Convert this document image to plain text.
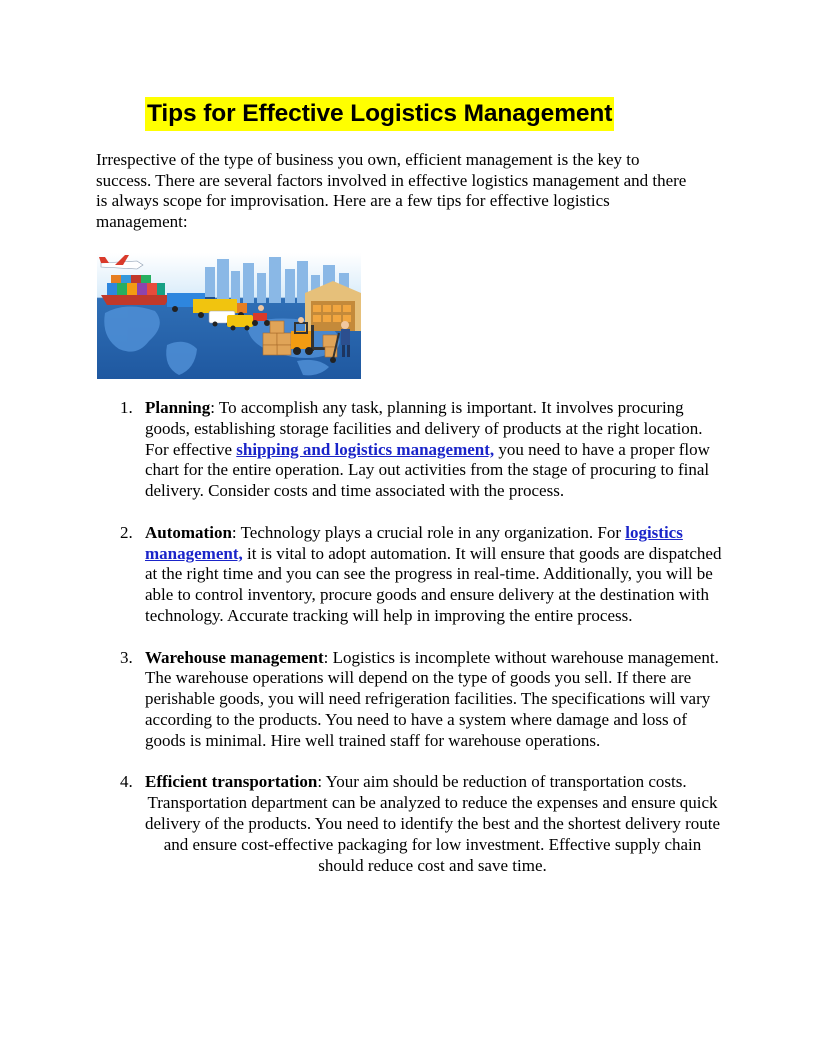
Tips for Effective Logistics Management

Irrespective of the type of business you own, efficient management is the key to success. There are several factors involved in effective logistics management and there is always scope for improvisation. Here are a few tips for effective logistics management:

1. Planning: To accomplish any task, planning is important. It involves procuring goods, establishing storage facilities and delivery of products at the right location. For effective shipping and logistics management, you need to have a proper flow chart for the entire operation. Lay out activities from the stage of procuring to final delivery. Consider costs and time associated with the process.
2. Automation: Technology plays a crucial role in any organization. For logistics management, it is vital to adopt automation. It will ensure that goods are dispatched at the right time and you can see the progress in real-time. Additionally, you will be able to control inventory, procure goods and ensure delivery at the destination with technology. Accurate tracking will help in improving the entire process.
3. Warehouse management: Logistics is incomplete without warehouse management. The warehouse operations will depend on the type of goods you sell. If there are perishable goods, you will need refrigeration facilities. The specifications will vary according to the products. You need to have a system where damage and loss of goods is minimal. Hire well trained staff for warehouse operations.
4. Efficient transportation: Your aim should be reduction of transportation costs.
Transportation department can be analyzed to reduce the expenses and ensure quick delivery of the products. You need to identify the best and the shortest delivery route and ensure cost-effective packaging for low investment. Effective supply chain should reduce cost and save time.
